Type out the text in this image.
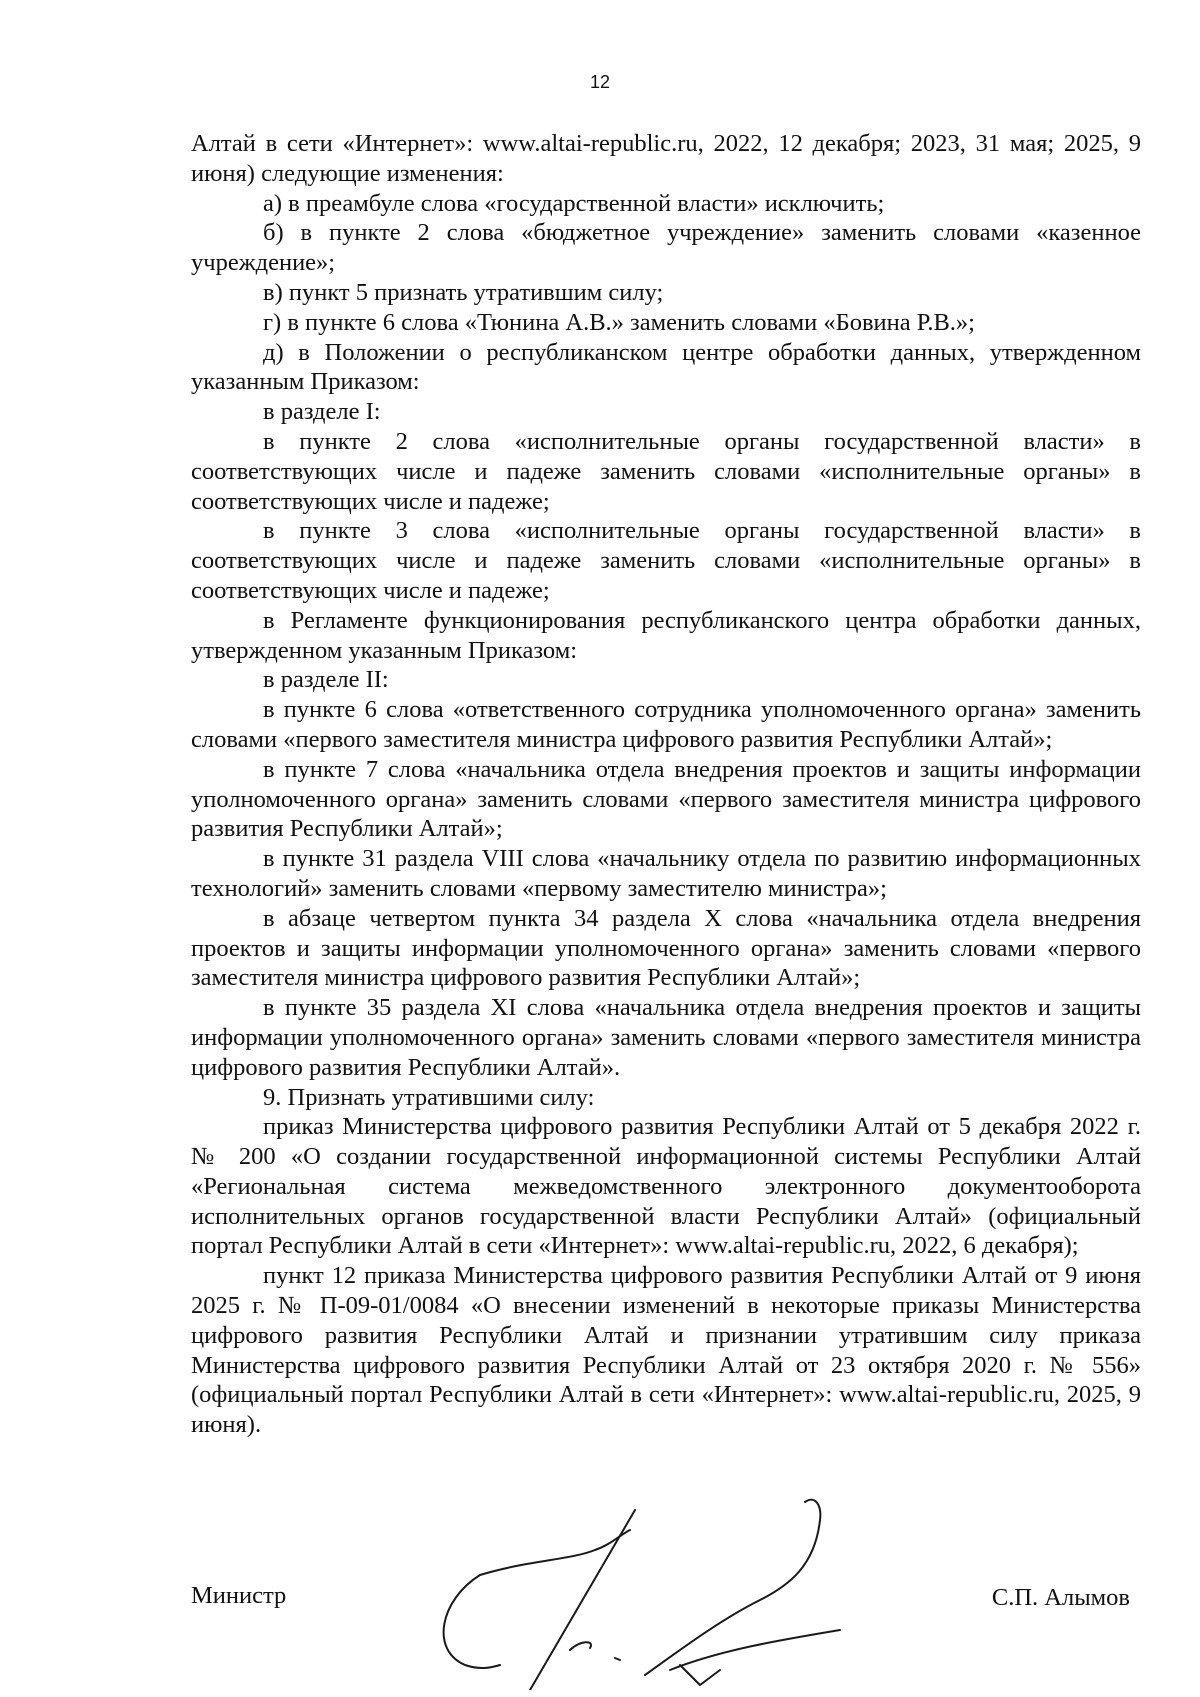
12

Алтай в сети «Интернет»: www.altai-republic.ru, 2022, 12 декабря; 2023, 31 мая; 2025, 9 июня) следующие изменения:

а) в преамбуле слова «государственной власти» исключить;

б) в пункте 2 слова «бюджетное учреждение» заменить словами «казенное учреждение»;

в) пункт 5 признать утратившим силу;

г) в пункте 6 слова «Тюнина А.В.» заменить словами «Бовина Р.В.»;

д) в Положении о республиканском центре обработки данных, утвержденном указанным Приказом:

в разделе I:

в пункте 2 слова «исполнительные органы государственной власти» в соответствующих числе и падеже заменить словами «исполнительные органы» в соответствующих числе и падеже;

в пункте 3 слова «исполнительные органы государственной власти» в соответствующих числе и падеже заменить словами «исполнительные органы» в соответствующих числе и падеже;

в Регламенте функционирования республиканского центра обработки данных, утвержденном указанным Приказом:

в разделе II:

в пункте 6 слова «ответственного сотрудника уполномоченного органа» заменить словами «первого заместителя министра цифрового развития Республики Алтай»;

в пункте 7 слова «начальника отдела внедрения проектов и защиты информации уполномоченного органа» заменить словами «первого заместителя министра цифрового развития Республики Алтай»;

в пункте 31 раздела VIII слова «начальнику отдела по развитию информационных технологий» заменить словами «первому заместителю министра»;

в абзаце четвертом пункта 34 раздела X слова «начальника отдела внедрения проектов и защиты информации уполномоченного органа» заменить словами «первого заместителя министра цифрового развития Республики Алтай»;

в пункте 35 раздела XI слова «начальника отдела внедрения проектов и защиты информации уполномоченного органа» заменить словами «первого заместителя министра цифрового развития Республики Алтай».

9. Признать утратившими силу:

приказ Министерства цифрового развития Республики Алтай от 5 декабря 2022 г. № 200 «О создании государственной информационной системы Республики Алтай «Региональная система межведомственного электронного документооборота исполнительных органов государственной власти Республики Алтай» (официальный портал Республики Алтай в сети «Интернет»: www.altai-republic.ru, 2022, 6 декабря);

пункт 12 приказа Министерства цифрового развития Республики Алтай от 9 июня 2025 г. № П-09-01/0084 «О внесении изменений в некоторые приказы Министерства цифрового развития Республики Алтай и признании утратившим силу приказа Министерства цифрового развития Республики Алтай от 23 октября 2020 г. № 556» (официальный портал Республики Алтай в сети «Интернет»: www.altai-republic.ru, 2025, 9 июня).

Министр	С.П. Алымов
